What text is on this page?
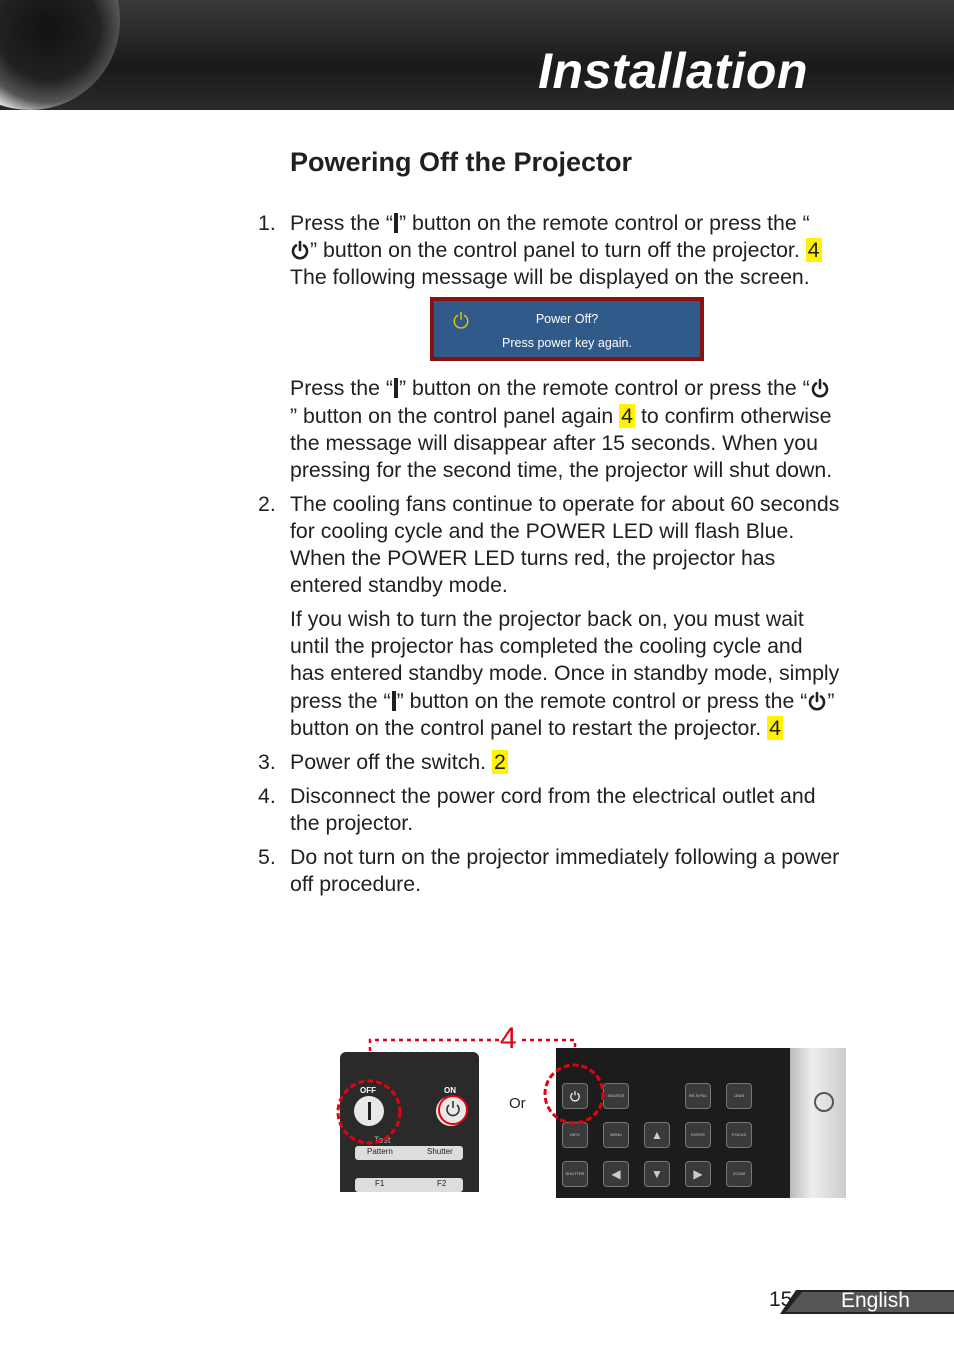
Installation
Powering Off the Projector
1. Press the “ ” button on the remote control or press the “
” button on the control panel to turn off the projector. 4
The following message will be displayed on the screen.
Power Off?
Press power key again.
Press the “ ” button on the remote control or press the “
” button on the control panel again 4 to confirm otherwise
the message will disappear after 15 seconds. When you
pressing for the second time, the projector will shut down.
2. The cooling fans continue to operate for about 60 seconds
for cooling cycle and the POWER LED will flash Blue.
When the POWER LED turns red, the projector has
entered standby mode.
If you wish to turn the projector back on, you must wait
until the projector has completed the cooling cycle and
has entered standby mode. Once in standby mode, simply
press the “ ” button on the remote control or press the “ ”
button on the control panel to restart the projector. 4
3. Power off the switch. 2
4. Disconnect the power cord from the electrical outlet and
the projector.
5. Do not turn on the projector immediately following a power
off procedure.
4
OFF	ON
Test
Pattern	Shutter
F1	F2
Or	SOURCE	RE-SYNC	LENS
INFO	MENU	▲	ENTER	FOCUS
SHUTTER	◀	▼	▶	ZOOM
15 English
